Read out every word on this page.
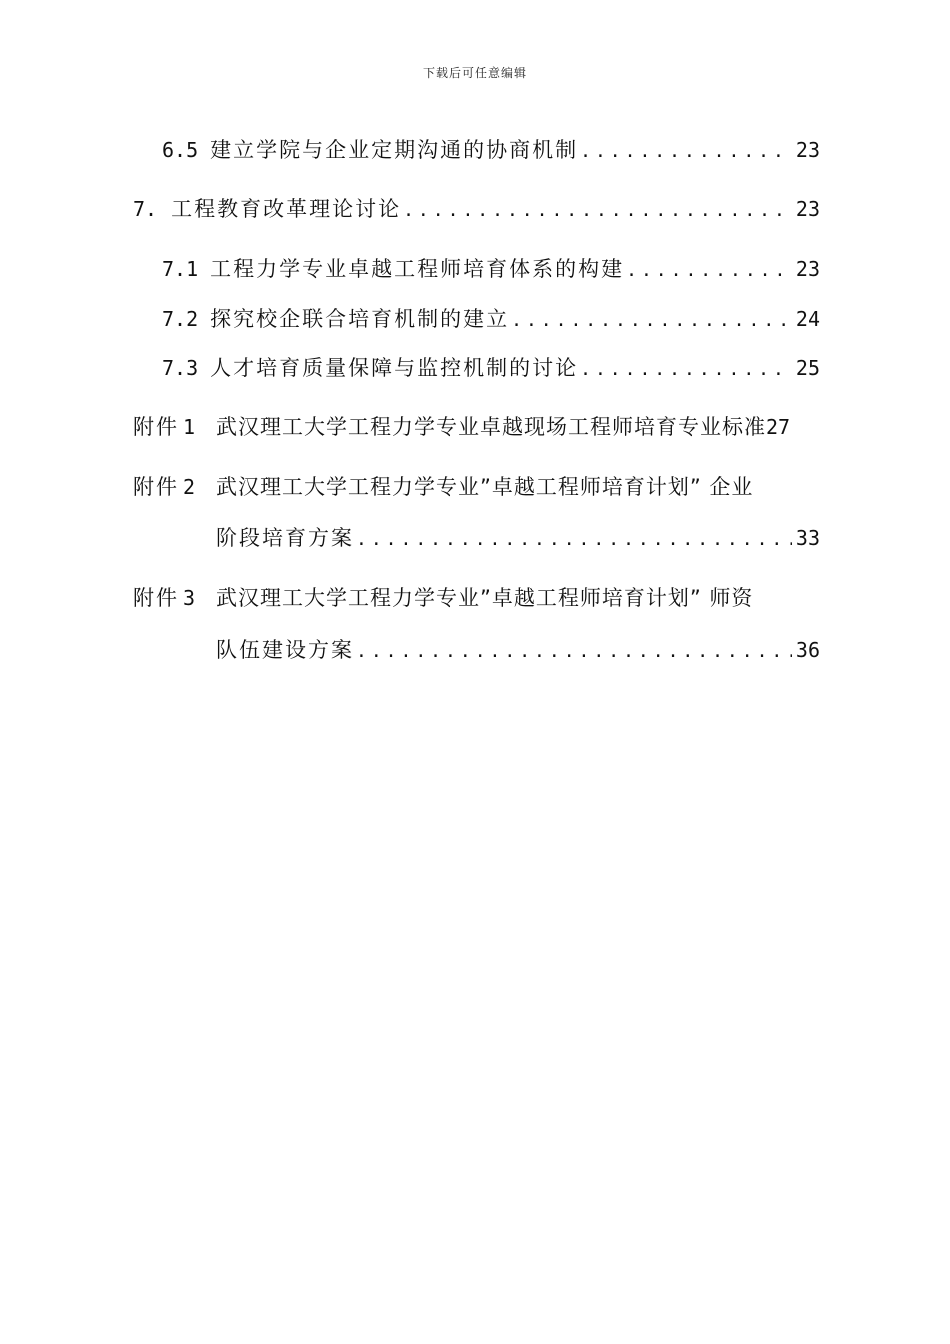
下载后可任意编辑
6.5 建立学院与企业定期沟通的协商机制 .....	23
7. 工程教育改革理论讨论 .....	23
7.1 工程力学专业卓越工程师培育体系的构建 .....	23
7.2 探究校企联合培育机制的建立 .....	24
7.3 人才培育质量保障与监控机制的讨论 .....	25
附件 1 武汉理工大学工程力学专业卓越现场工程师培育专业标准 27
附件 2 武汉理工大学工程力学专业”卓越工程师培育计划” 企业
阶段培育方案 .....	33
附件 3 武汉理工大学工程力学专业”卓越工程师培育计划” 师资
队伍建设方案 .....	36
